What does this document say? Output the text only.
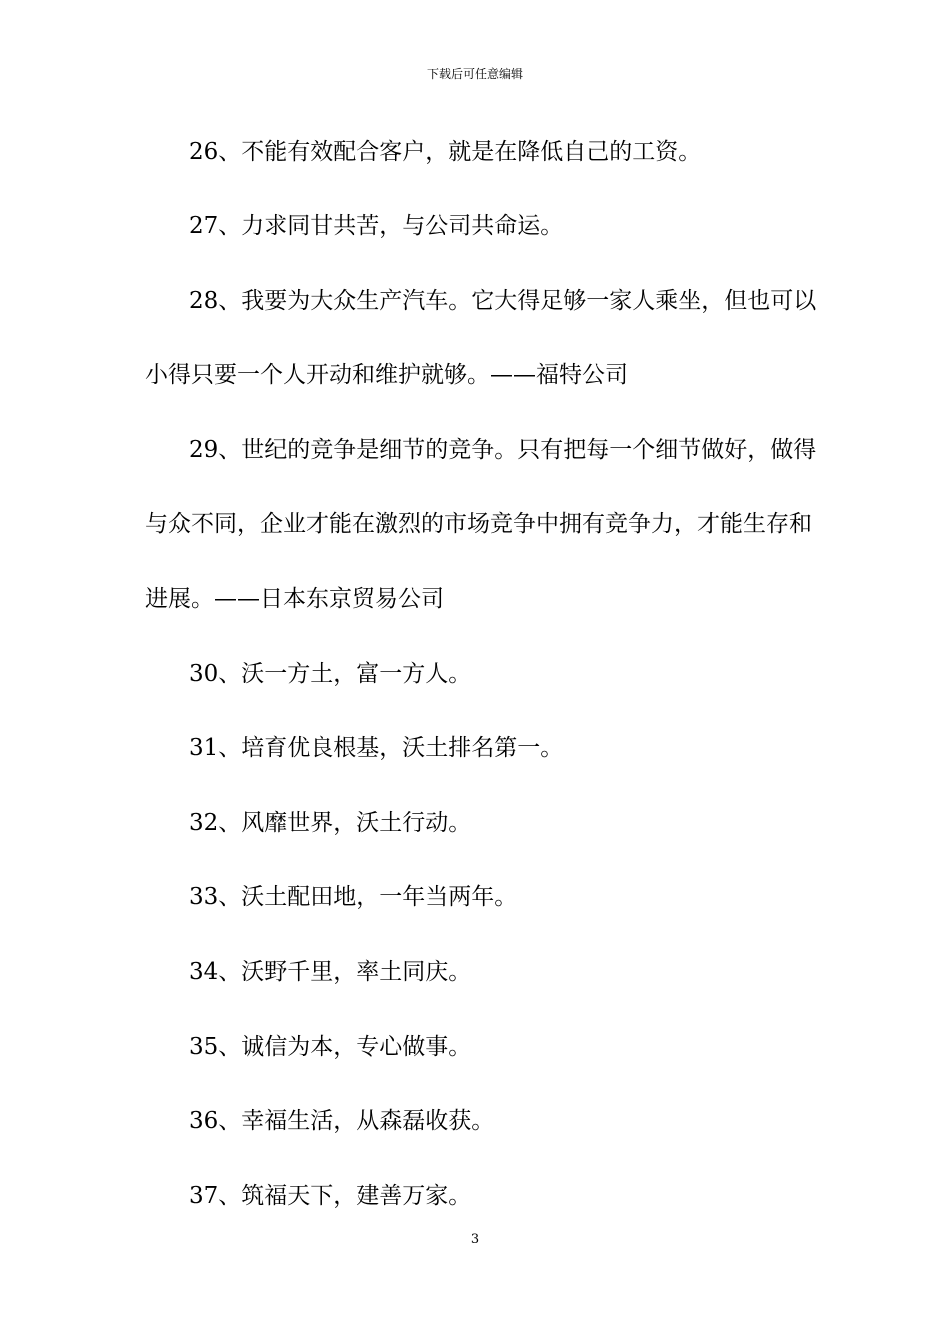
下载后可任意编辑
26、不能有效配合客户，就是在降低自己的工资。
27、力求同甘共苦，与公司共命运。
28、我要为大众生产汽车。它大得足够一家人乘坐，但也可以
小得只要一个人开动和维护就够。——福特公司
29、世纪的竞争是细节的竞争。只有把每一个细节做好，做得
与众不同，企业才能在激烈的市场竞争中拥有竞争力，才能生存和
进展。——日本东京贸易公司
30、沃一方土，富一方人。
31、培育优良根基，沃土排名第一。
32、风靡世界，沃土行动。
33、沃土配田地，一年当两年。
34、沃野千里，率土同庆。
35、诚信为本，专心做事。
36、幸福生活，从森磊收获。
37、筑福天下，建善万家。
3
